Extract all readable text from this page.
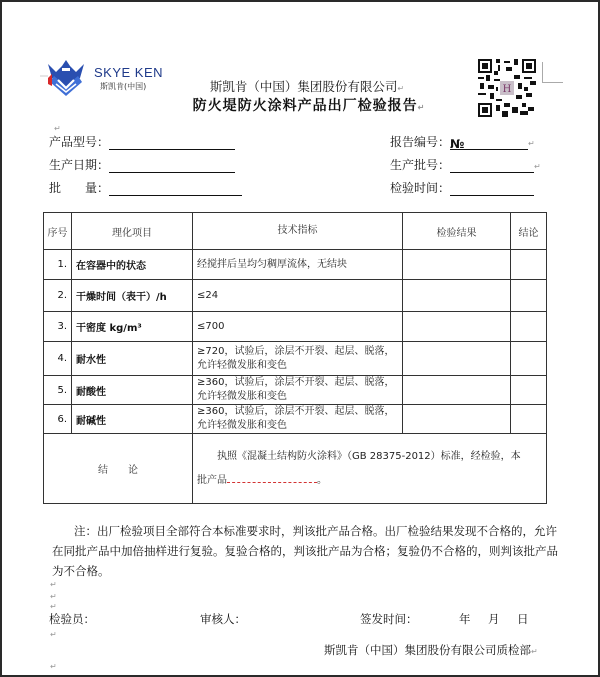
SKYE KEN
斯凯肯(中国)	斯凯肯（中国）集团股份有限公司↵
防火堤防火涂料产品出厂检验报告↵
H
↵
产品型号：
生产日期：
批　　量：
报告编号：№	↵
生产批号：	↵
检验时间：
序号	理化项目	技术指标	检验结果	结论
1.	在容器中的状态	经搅拌后呈均匀稠厚流体，无结块		
2.	干燥时间（表干）/h	≤24		
3.	干密度 kg/m³	≤700		
4.	耐水性	≥720，试验后，涂层不开裂、起层、脱落，允许轻微发胀和变色		
5.	耐酸性	≥360，试验后，涂层不开裂、起层、脱落，允许轻微发胀和变色		
6.	耐碱性	≥360，试验后，涂层不开裂、起层、脱落，允许轻微发胀和变色		
结　　论		执照《混凝土结构防火涂料》（GB 28375-2012）标准，经检验，本
批产品 。		
注：出厂检验项目全部符合本标准要求时，判该批产品合格。出厂检验结果发现不合格的，允许在同批产品中加倍抽样进行复验。复验合格的，判该批产品为合格；复验仍不合格的，则判该批产品为不合格。
↵
↵
↵
检验员：	审核人：	签发时间：	年 月 日
↵
斯凯肯（中国）集团股份有限公司质检部↵
↵
